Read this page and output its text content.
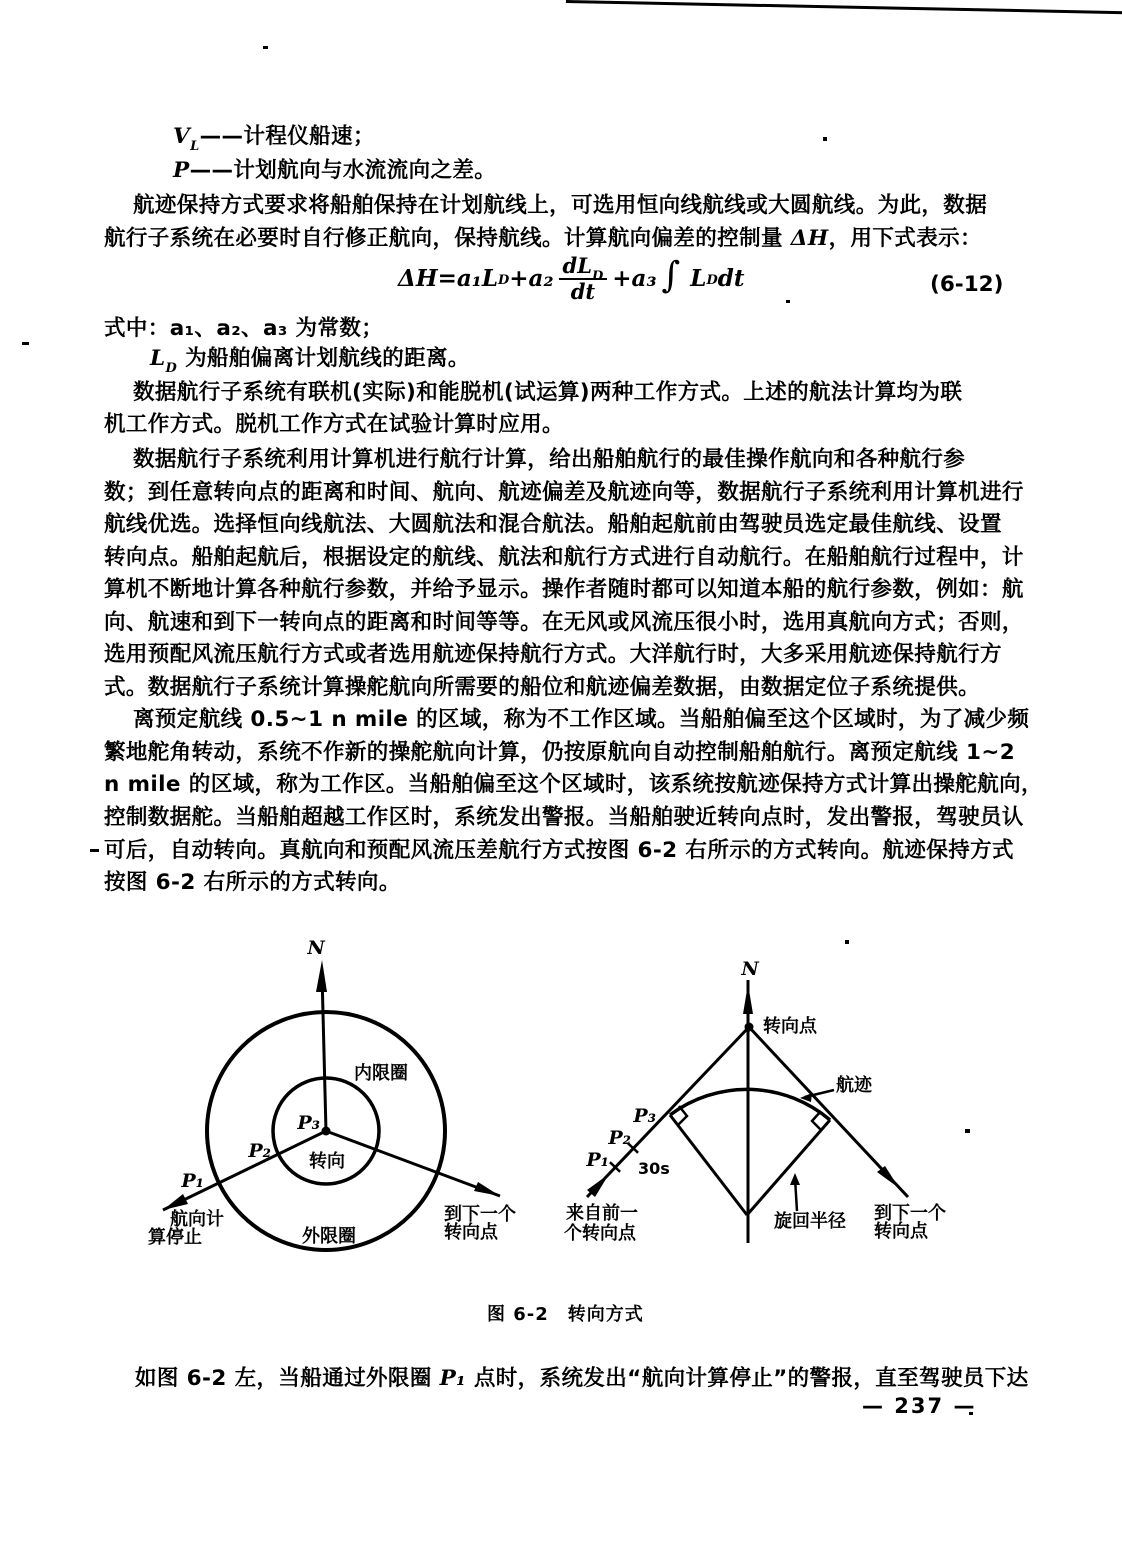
$V_L——$计程仪船速；
P——计划航向与水流流向之差。
航迹保持方式要求将船舶保持在计划航线上，可选用恒向线航线或大圆航线。为此，数据
航行子系统在必要时自行修正航向，保持航线。计算航向偏差的控制量 ΔH，用下式表示：
$\Delta H=a_1L_D +a_2 \frac{dL_D}{dt} +a_3$ ∫ $L_D$ dt	(6-12)
式中：a₁、a₂、a₃ 为常数；
$L_D$ 为船舶偏离计划航线的距离。
数据航行子系统有联机(实际)和能脱机(试运算)两种工作方式。上述的航法计算均为联
机工作方式。脱机工作方式在试验计算时应用。
数据航行子系统利用计算机进行航行计算，给出船舶航行的最佳操作航向和各种航行参
数；到任意转向点的距离和时间、航向、航迹偏差及航迹向等，数据航行子系统利用计算机进行
航线优选。选择恒向线航法、大圆航法和混合航法。船舶起航前由驾驶员选定最佳航线、设置
转向点。船舶起航后，根据设定的航线、航法和航行方式进行自动航行。在船舶航行过程中，计
算机不断地计算各种航行参数，并给予显示。操作者随时都可以知道本船的航行参数，例如：航
向、航速和到下一转向点的距离和时间等等。在无风或风流压很小时，选用真航向方式；否则，
选用预配风流压航行方式或者选用航迹保持航行方式。大洋航行时，大多采用航迹保持航行方
式。数据航行子系统计算操舵航向所需要的船位和航迹偏差数据，由数据定位子系统提供。
离预定航线 0.5~1 n mile 的区域，称为不工作区域。当船舶偏至这个区域时，为了减少频
繁地舵角转动，系统不作新的操舵航向计算，仍按原航向自动控制船舶航行。离预定航线 1~2
n mile 的区域，称为工作区。当船舶偏至这个区域时，该系统按航迹保持方式计算出操舵航向，
控制数据舵。当船舶超越工作区时，系统发出警报。当船舶驶近转向点时，发出警报，驾驶员认
可后，自动转向。真航向和预配风流压差航行方式按图 6-2 右所示的方式转向。航迹保持方式
按图 6-2 右所示的方式转向。
N
P₃
P₂
P₁
内限圈
转向
外限圈
航向计
算停止
到下一个
转向点
N
转向点
航迹
旋回半径
P₃
P₂
P₁ 30s
来自前一
个转向点
到下一个
转向点
图 6-2　转向方式
如图 6-2 左，当船通过外限圈 P₁ 点时，系统发出“航向计算停止”的警报，直至驾驶员下达
— 237 —
